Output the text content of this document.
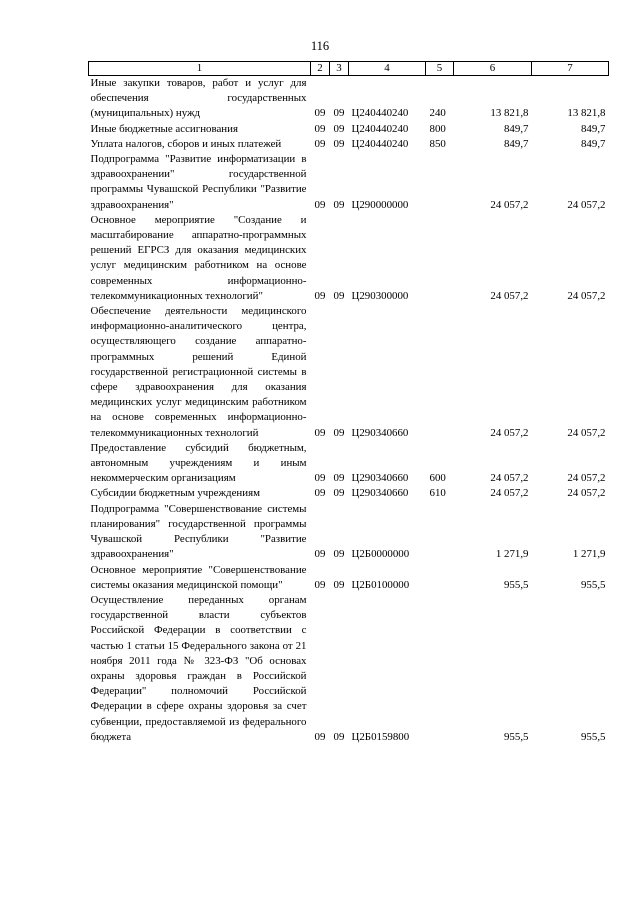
116
1	2	3	4	5	6	7
Иные закупки товаров, работ и услуг для обеспечения государственных (муниципальных) нужд	09	09	Ц240440240	240	13 821,8	13 821,8
Иные бюджетные ассигнования	09	09	Ц240440240	800	849,7	849,7
Уплата налогов, сборов и иных платежей	09	09	Ц240440240	850	849,7	849,7
Подпрограмма "Развитие информатизации в здравоохранении" государственной программы Чувашской Республики "Развитие здравоохранения"	09	09	Ц290000000		24 057,2	24 057,2
Основное мероприятие "Создание и масштабирование аппаратно-программных решений ЕГРСЗ для оказания медицинских услуг медицинским работником на основе современных информационно-телекоммуникационных технологий"	09	09	Ц290300000		24 057,2	24 057,2
Обеспечение деятельности медицинского информационно-аналитического центра, осуществляющего создание аппаратно-программных решений Единой государственной регистрационной системы в сфере здравоохранения для оказания медицинских услуг медицинским работником на основе современных информационно-телекоммуникационных технологий	09	09	Ц290340660		24 057,2	24 057,2
Предоставление субсидий бюджетным, автономным учреждениям и иным некоммерческим организациям	09	09	Ц290340660	600	24 057,2	24 057,2
Субсидии бюджетным учреждениям	09	09	Ц290340660	610	24 057,2	24 057,2
Подпрограмма "Совершенствование системы планирования" государственной программы Чувашской Республики "Развитие здравоохранения"	09	09	Ц2Б0000000		1 271,9	1 271,9
Основное мероприятие "Совершенствование системы оказания медицинской помощи"	09	09	Ц2Б0100000		955,5	955,5
Осуществление переданных органам государственной власти субъектов Российской Федерации в соответствии с частью 1 статьи 15 Федерального закона от 21 ноября 2011 года № 323-ФЗ "Об основах охраны здоровья граждан в Российской Федерации" полномочий Российской Федерации в сфере охраны здоровья за счет субвенции, предоставляемой из федерального бюджета	09	09	Ц2Б0159800		955,5	955,5
